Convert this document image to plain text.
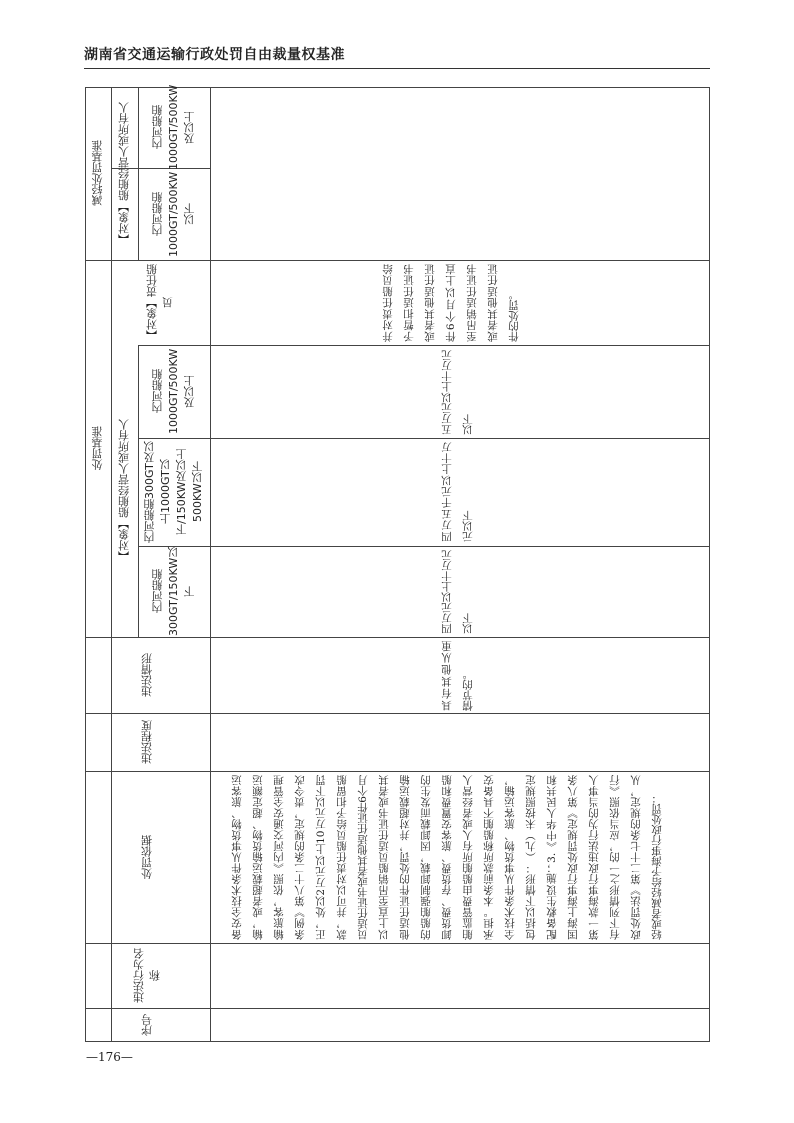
湖南省交通运输行政处罚自由裁量权基准
减轻处罚基准	【对象】船舶经营人或所有人	内河船舶1000GT/500KW及以上
内河船舶1000GT/500KW以下
处罚基准
【对象】责任船员
【对象】船舶经营人或所有人
内河船舶1000GT/500KW及以上
内河船舶300GT及以上1000GT以下/150KW及以上500KW以下
内河船舶300GT/150KW以下
违法情形
违法程度
处罚依据
违法行为名称
序号
并对责任船员给予暂扣适任证书或者其他适任证件6个月以上直至吊销适任证书或者其他适任证件的处罚。
五万元以上十万元以下
四万五千元以上十万元以下
四万元以上十万元以下
具有其他从重情节的。
备安全技术条件从事货物、旅客运输，或者超载运输货物、超定额运输旅客，依照《内河交通安全管理条例》第八十二条的规定，责令改正，处以2万元以上10万元以下罚款，并可以对责任船员给予扣留船员适任证书或者其他适任证件6个月以上直至吊销船员适任证书或者其他适任证件的处罚，并对超载运输的船舶强制卸载，因卸载而发生的卸货费、存货费、旅客安置费和船舶监管费由船舶所有人或者经营人承担。本条前款所称船舶不具备安全技术条件从事货物、旅客运输，包括以下情形：（九）未按照规定配备救生设施；3.《中华人民共和国海上海事行政处罚规定》第八条第一款海事行政违法行为的当事人有下列情形之一的，应当依照《行政处罚法》第二十七条的规定，从轻或者减轻给予海事行政处罚：
—176—
